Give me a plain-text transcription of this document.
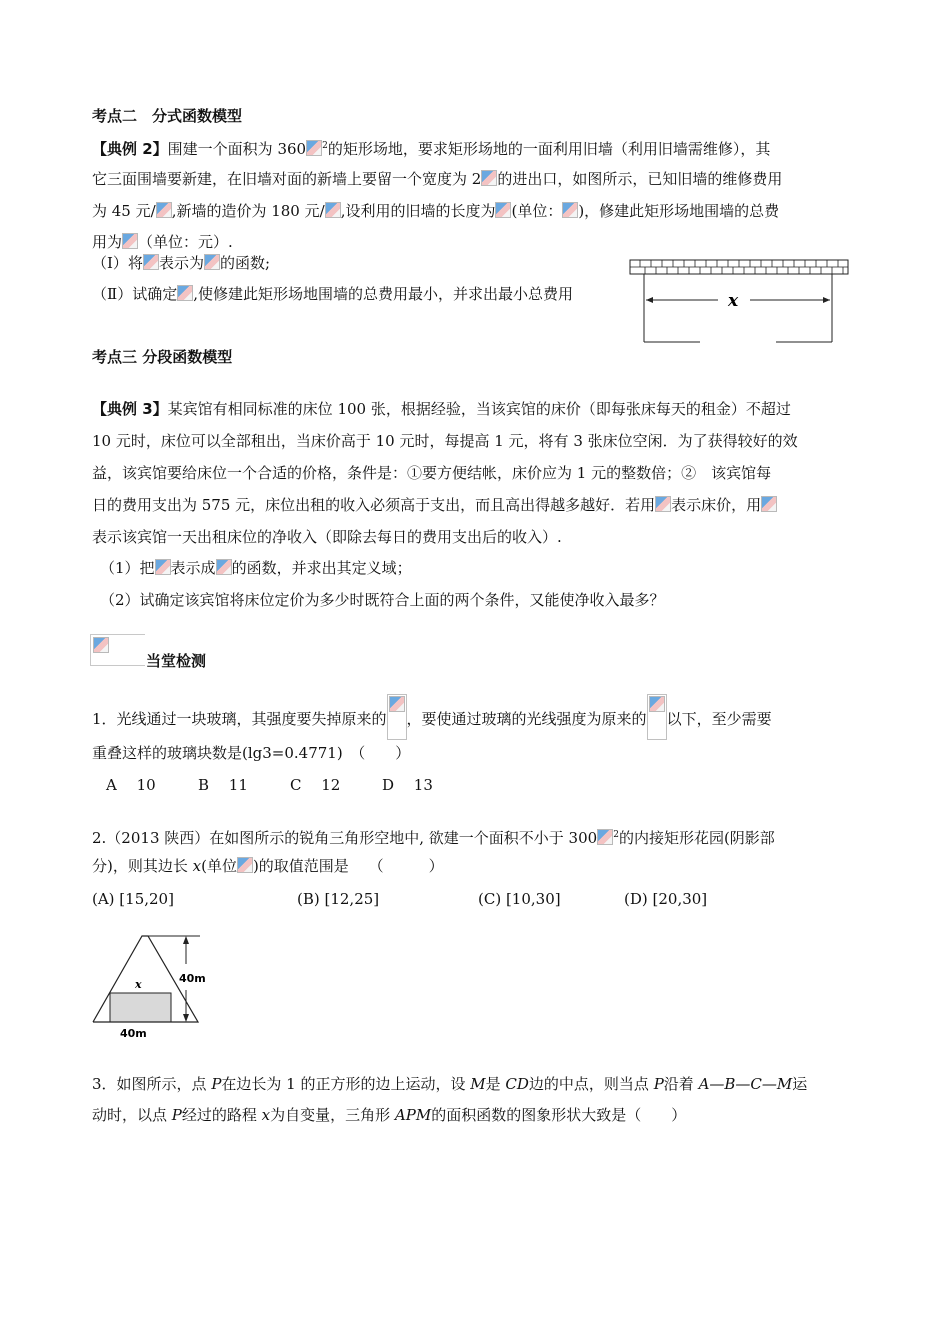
考点二　分式函数模型
【典例 2】围建一个面积为 360 $^2$的矩形场地，要求矩形场地的一面利用旧墙（利用旧墙需维修），其
它三面围墙要新建，在旧墙对面的新墙上要留一个宽度为 2 的进出口，如图所示，已知旧墙的维修费用
为 45 元/ ,新墙的造价为 180 元/ ,设利用的旧墙的长度为 (单位： )，修建此矩形场地围墙的总费
用为 （单位：元）.
（Ⅰ）将 表示为 的函数;
（Ⅱ）试确定 ,使修建此矩形场地围墙的总费用最小，并求出最小总费用	x
考点三 分段函数模型
【典例 3】某宾馆有相同标准的床位 100 张，根据经验，当该宾馆的床价（即每张床每天的租金）不超过
10 元时，床位可以全部租出，当床价高于 10 元时，每提高 1 元，将有 3 张床位空闲．为了获得较好的效
益，该宾馆要给床位一个合适的价格，条件是：①要方便结帐，床价应为 1 元的整数倍；②　该宾馆每
日的费用支出为 575 元，床位出租的收入必须高于支出，而且高出得越多越好．若用 表示床价，用
表示该宾馆一天出租床位的净收入（即除去每日的费用支出后的收入）.
（1）把 表示成 的函数，并求出其定义域；
（2）试确定该宾馆将床位定价为多少时既符合上面的两个条件，又能使净收入最多？
当堂检测
1．光线通过一块玻璃，其强度要失掉原来的 ，要使通过玻璃的光线强度为原来的 以下，至少需要
重叠这样的玻璃块数是(lg3=0.4771)　（　　）
A　 10	B　 11	C　 12	D　 13
2.（2013 陕西）在如图所示的锐角三角形空地中, 欲建一个面积不小于 300 $^2$的内接矩形花园(阴影部
分)，则其边长 x(单位 )的取值范围是　 （　　　）
(A) [15,20]	(B) [12,25]	(C) [10,30]	(D) [20,30]
x	40m
40m
3．如图所示，点 P在边长为 1 的正方形的边上运动，设 M是 CD边的中点，则当点 P沿着 A—B—C—M运
动时，以点 P经过的路程 x为自变量，三角形 APM的面积函数的图象形状大致是（　　）
